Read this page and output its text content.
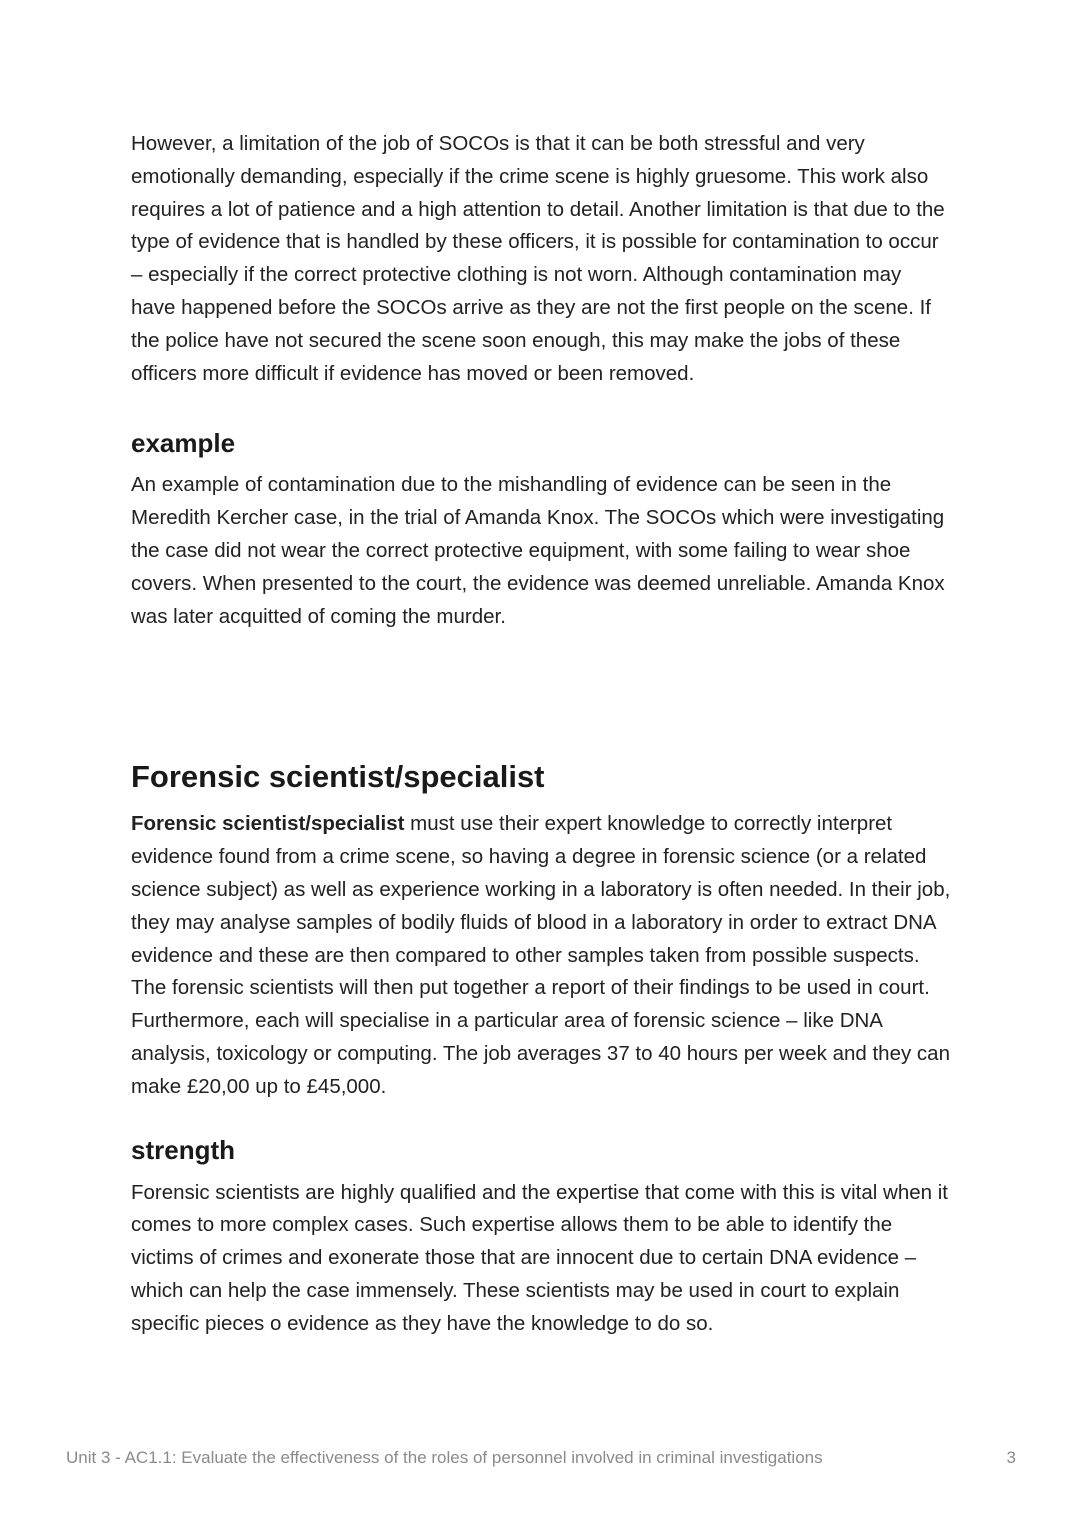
However, a limitation of the job of SOCOs is that it can be both stressful and very emotionally demanding, especially if the crime scene is highly gruesome. This work also requires a lot of patience and a high attention to detail. Another limitation is that due to the type of evidence that is handled by these officers, it is possible for contamination to occur – especially if the correct protective clothing is not worn. Although contamination may have happened before the SOCOs arrive as they are not the first people on the scene. If the police have not secured the scene soon enough, this may make the jobs of these officers more difficult if evidence has moved or been removed.

example

An example of contamination due to the mishandling of evidence can be seen in the Meredith Kercher case, in the trial of Amanda Knox. The SOCOs which were investigating the case did not wear the correct protective equipment, with some failing to wear shoe covers. When presented to the court, the evidence was deemed unreliable. Amanda Knox was later acquitted of coming the murder.

Forensic scientist/specialist

Forensic scientist/specialist must use their expert knowledge to correctly interpret evidence found from a crime scene, so having a degree in forensic science (or a related science subject) as well as experience working in a laboratory is often needed. In their job, they may analyse samples of bodily fluids of blood in a laboratory in order to extract DNA evidence and these are then compared to other samples taken from possible suspects. The forensic scientists will then put together a report of their findings to be used in court. Furthermore, each will specialise in a particular area of forensic science – like DNA analysis, toxicology or computing. The job averages 37 to 40 hours per week and they can make £20,00 up to £45,000.

strength

Forensic scientists are highly qualified and the expertise that come with this is vital when it comes to more complex cases. Such expertise allows them to be able to identify the victims of crimes and exonerate those that are innocent due to certain DNA evidence – which can help the case immensely. These scientists may be used in court to explain specific pieces o evidence as they have the knowledge to do so.

Unit 3 - AC1.1: Evaluate the effectiveness of the roles of personnel involved in criminal investigations	3
